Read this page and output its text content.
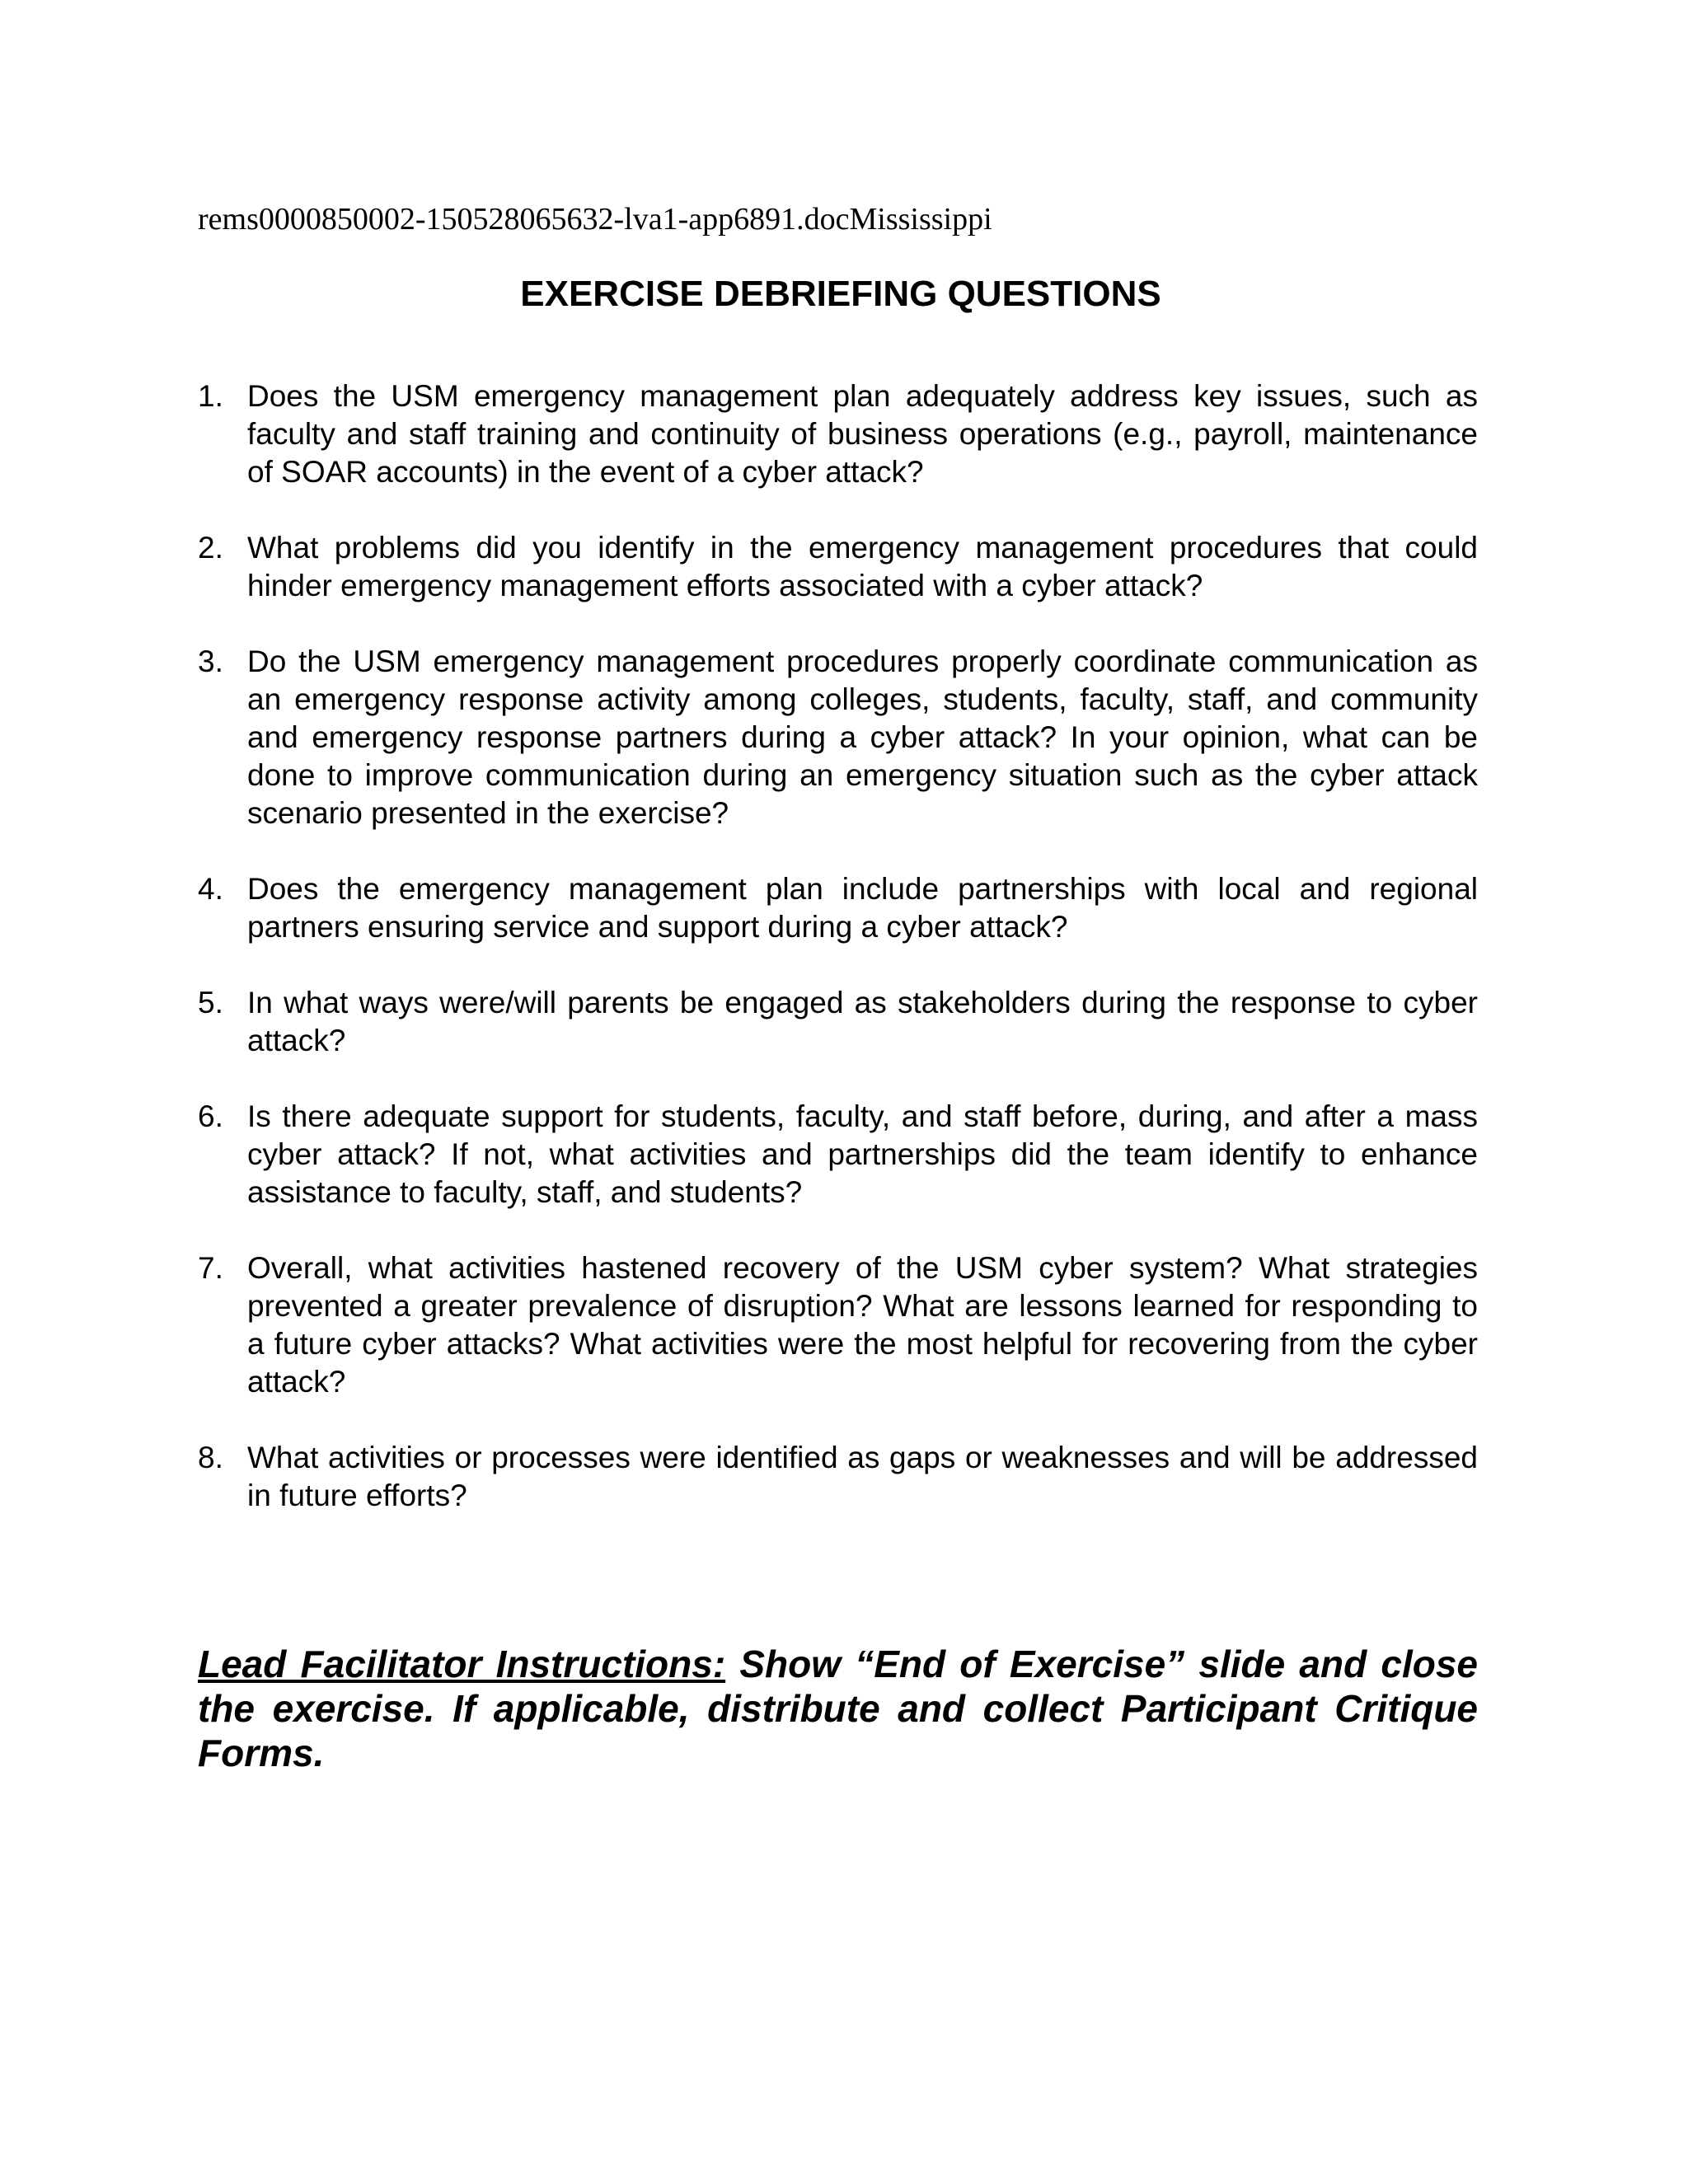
rems0000850002-150528065632-lva1-app6891.docMississippi
EXERCISE DEBRIEFING QUESTIONS
1. Does the USM emergency management plan adequately address key issues, such as faculty and staff training and continuity of business operations (e.g., payroll, maintenance of SOAR accounts) in the event of a cyber attack?
2. What problems did you identify in the emergency management procedures that could hinder emergency management efforts associated with a cyber attack?
3. Do the USM emergency management procedures properly coordinate communication as an emergency response activity among colleges, students, faculty, staff, and community and emergency response partners during a cyber attack? In your opinion, what can be done to improve communication during an emergency situation such as the cyber attack scenario presented in the exercise?
4. Does the emergency management plan include partnerships with local and regional partners ensuring service and support during a cyber attack?
5. In what ways were/will parents be engaged as stakeholders during the response to cyber attack?
6. Is there adequate support for students, faculty, and staff before, during, and after a mass cyber attack? If not, what activities and partnerships did the team identify to enhance assistance to faculty, staff, and students?
7. Overall, what activities hastened recovery of the USM cyber system? What strategies prevented a greater prevalence of disruption? What are lessons learned for responding to a future cyber attacks? What activities were the most helpful for recovering from the cyber attack?
8. What activities or processes were identified as gaps or weaknesses and will be addressed in future efforts?

Lead Facilitator Instructions: Show “End of Exercise” slide and close the exercise. If applicable, distribute and collect Participant Critique Forms.
